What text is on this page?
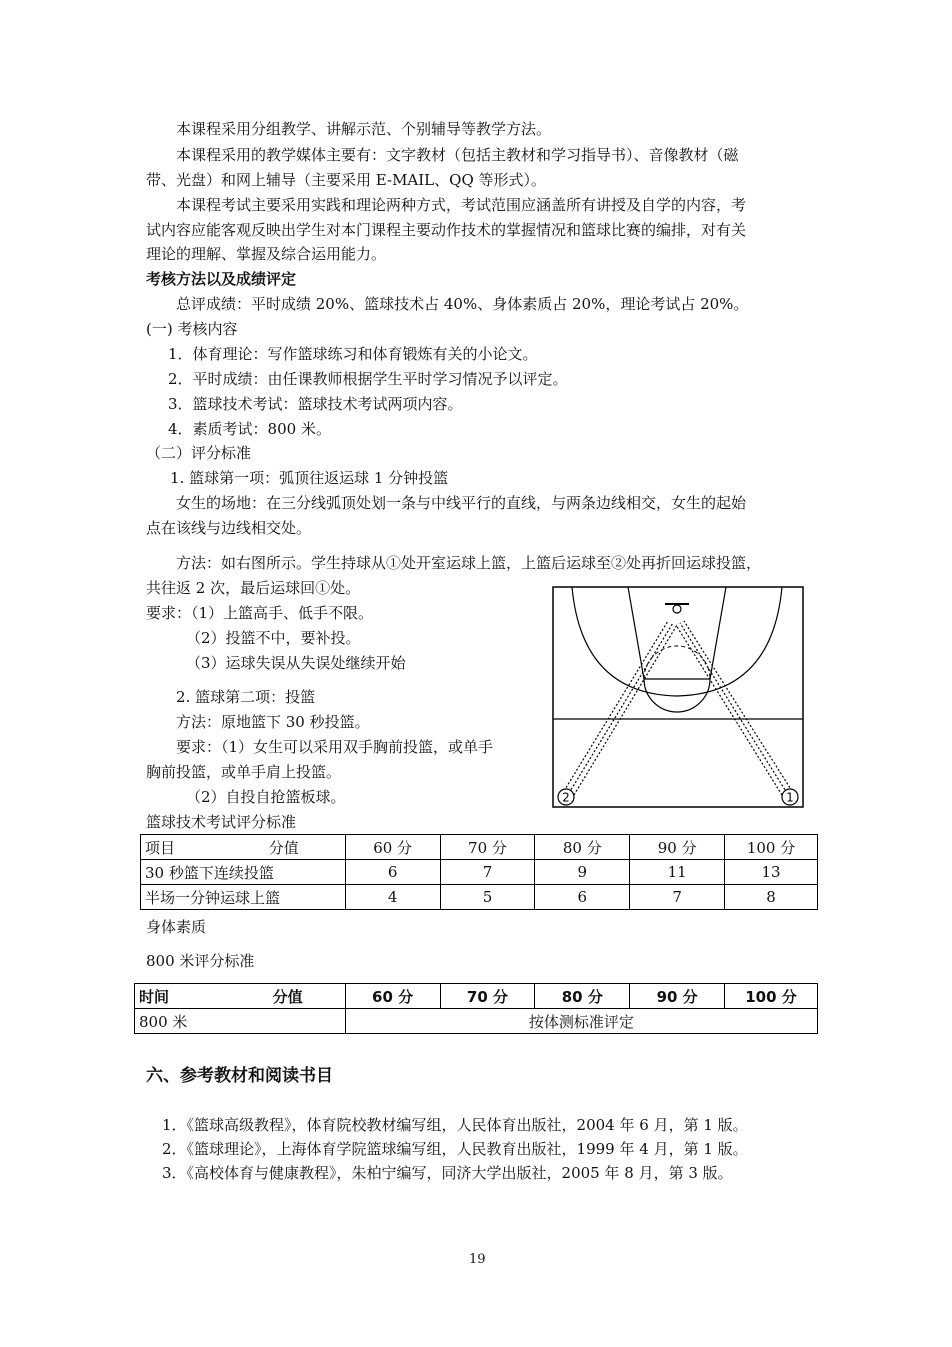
本课程采用分组教学、讲解示范、个别辅导等教学方法。
本课程采用的教学媒体主要有：文字教材（包括主教材和学习指导书）、音像教材（磁
带、光盘）和网上辅导（主要采用 E-MAIL、QQ 等形式）。
本课程考试主要采用实践和理论两种方式，考试范围应涵盖所有讲授及自学的内容，考
试内容应能客观反映出学生对本门课程主要动作技术的掌握情况和篮球比赛的编排，对有关
理论的理解、掌握及综合运用能力。
考核方法以及成绩评定
总评成绩：平时成绩 20%、篮球技术占 40%、身体素质占 20%，理论考试占 20%。
(一) 考核内容
1．体育理论：写作篮球练习和体育锻炼有关的小论文。
2．平时成绩：由任课教师根据学生平时学习情况予以评定。
3．篮球技术考试：篮球技术考试两项内容。
4．素质考试：800 米。
（二）评分标准
1. 篮球第一项：弧顶往返运球 1 分钟投篮
女生的场地：在三分线弧顶处划一条与中线平行的直线，与两条边线相交，女生的起始
点在该线与边线相交处。
方法：如右图所示。学生持球从①处开室运球上篮，上篮后运球至②处再折回运球投篮，
共往返 2 次，最后运球回①处。
要求：（1）上篮高手、低手不限。
（2）投篮不中，要补投。
（3）运球失误从失误处继续开始
2. 篮球第二项：投篮
方法：原地篮下 30 秒投篮。
要求：（1）女生可以采用双手胸前投篮，或单手
胸前投篮，或单手肩上投篮。
（2）自投自抢篮板球。	2	1
篮球技术考试评分标准
项目 分值	60 分	70 分	80 分	90 分	100 分
30 秒篮下连续投篮	6	7	9	11	13
半场一分钟运球上篮	4	5	6	7	8
身体素质
800 米评分标准
时间 分值	60 分	70 分	80 分	90 分	100 分
800 米	按体测标准评定				
六、参考教材和阅读书目
1．《篮球高级教程》，体育院校教材编写组，人民体育出版社，2004 年 6 月，第 1 版。
2．《篮球理论》，上海体育学院篮球编写组，人民教育出版社，1999 年 4 月，第 1 版。
3．《高校体育与健康教程》，朱柏宁编写，同济大学出版社，2005 年 8 月，第 3 版。
19
